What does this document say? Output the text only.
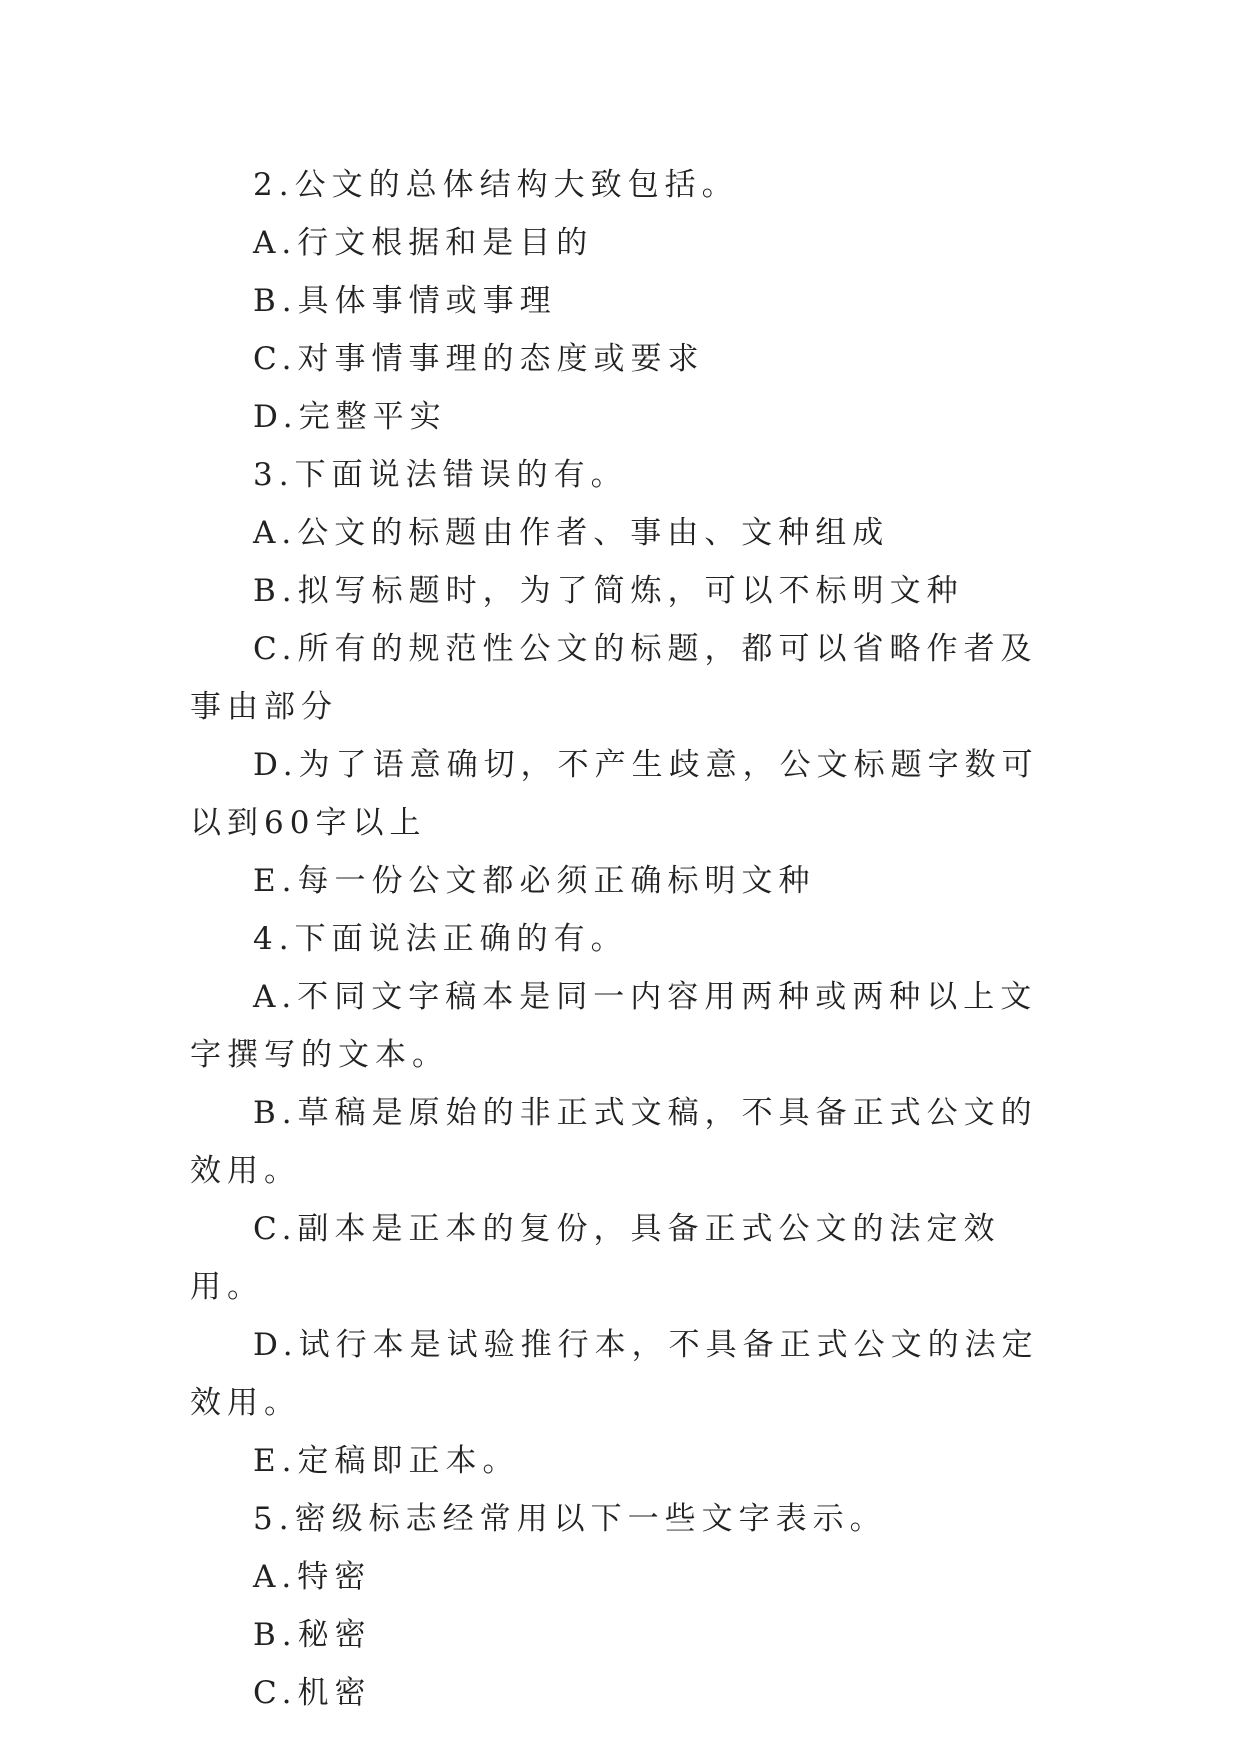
2.公文的总体结构大致包括。

A.行文根据和是目的

B.具体事情或事理

C.对事情事理的态度或要求

D.完整平实

3.下面说法错误的有。

A.公文的标题由作者、事由、文种组成

B.拟写标题时，为了简炼，可以不标明文种

C.所有的规范性公文的标题，都可以省略作者及事由部分

D.为了语意确切，不产生歧意，公文标题字数可以到60字以上

E.每一份公文都必须正确标明文种

4.下面说法正确的有。

A.不同文字稿本是同一内容用两种或两种以上文字撰写的文本。

B.草稿是原始的非正式文稿，不具备正式公文的效用。

C.副本是正本的复份，具备正式公文的法定效用。

D.试行本是试验推行本，不具备正式公文的法定效用。

E.定稿即正本。

5.密级标志经常用以下一些文字表示。

A.特密

B.秘密

C.机密
